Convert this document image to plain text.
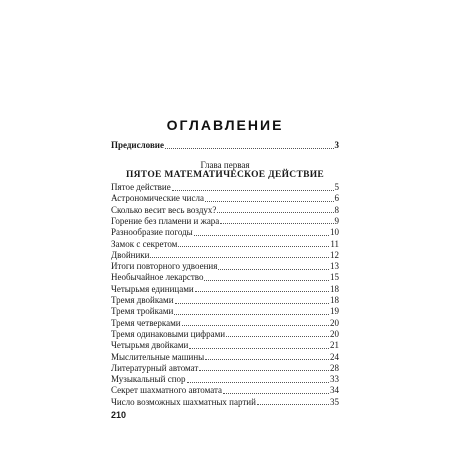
ОГЛАВЛЕНИЕ
Предисловие	3
Глава первая
ПЯТОЕ МАТЕМАТИЧЕСКОЕ ДЕЙСТВИЕ
Пятое действие	5
Астрономические числа	6
Сколько весит весь воздух?	8
Горение без пламени и жара	9
Разнообразие погоды	10
Замок с секретом	11
Двойники	12
Итоги повторного удвоения	13
Необычайное лекарство	15
Четырьмя единицами	18
Тремя двойками	18
Тремя тройками	19
Тремя четверками	20
Тремя одинаковыми цифрами	20
Четырьмя двойками	21
Мыслительные машины	24
Литературный автомат	28
Музыкальный спор	33
Секрет шахматного автомата	34
Число возможных шахматных партий	35
210
